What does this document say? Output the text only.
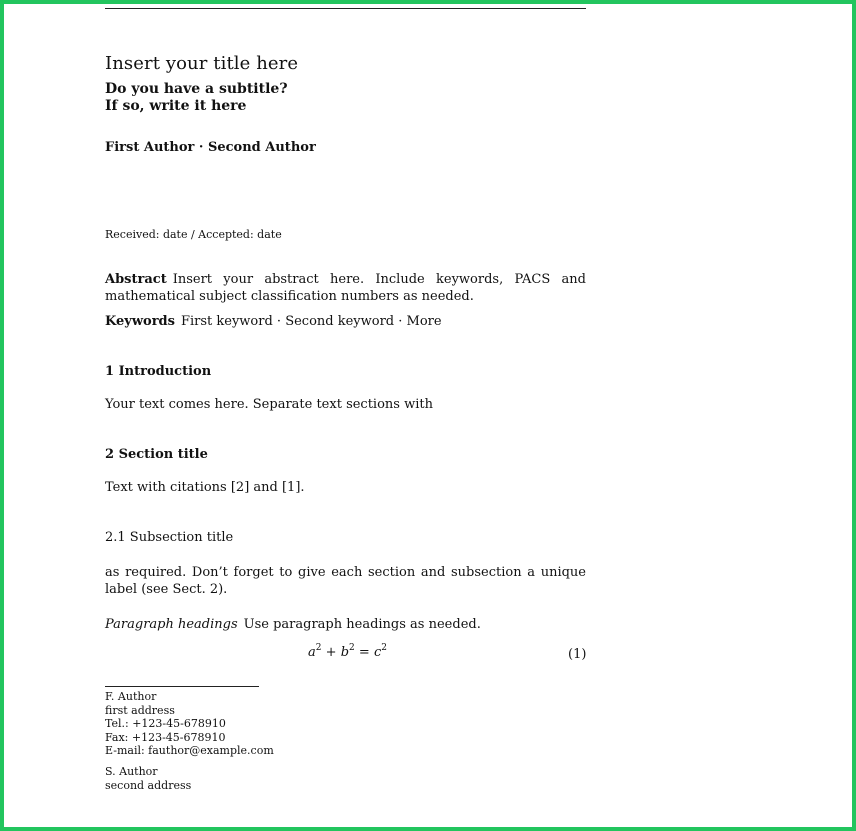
Insert your title here
Do you have a subtitle?
If so, write it here
First Author · Second Author
Received: date / Accepted: date
Abstract Insert your abstract here. Include keywords, PACS and mathematical subject classification numbers as needed.
Keywords First keyword · Second keyword · More
1 Introduction
Your text comes here. Separate text sections with
2 Section title
Text with citations [2] and [1].
2.1 Subsection title
as required. Don’t forget to give each section and subsection a unique label (see Sect. 2).
Paragraph headings Use paragraph headings as needed.
$a^2 + b^2 = c^2$	(1)
F. Author
first address
Tel.: +123-45-678910
Fax: +123-45-678910
E-mail: fauthor@example.com
S. Author
second address
